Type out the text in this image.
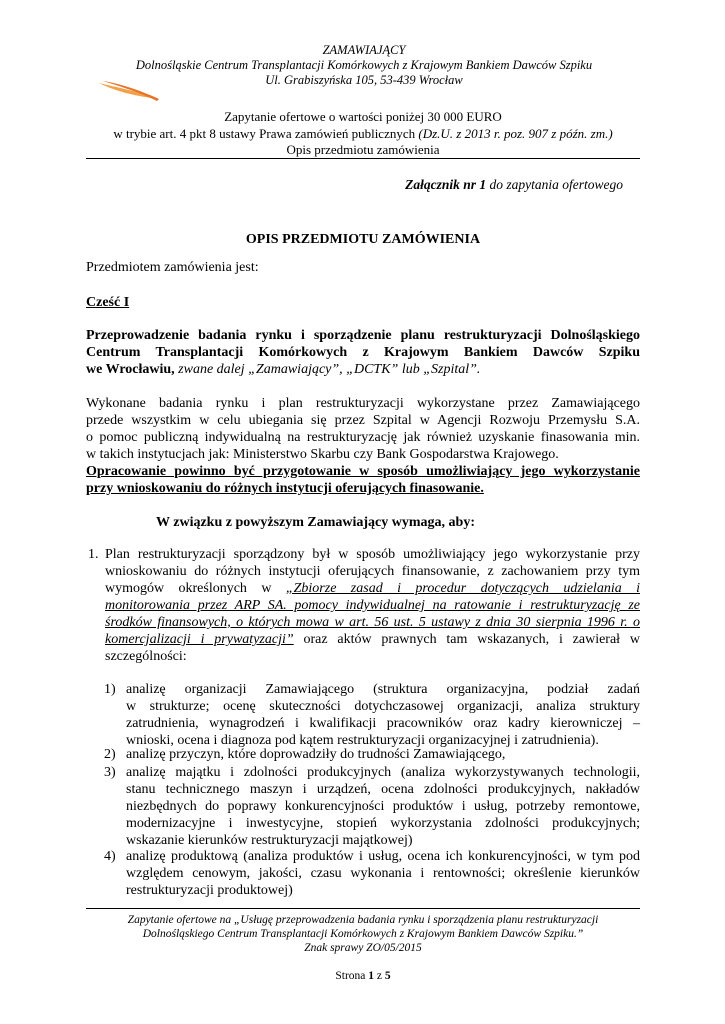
ZAMAWIAJĄCY
Dolnośląskie Centrum Transplantacji Komórkowych z Krajowym Bankiem Dawców Szpiku
Ul. Grabiszyńska 105, 53-439 Wrocław
Zapytanie ofertowe o wartości poniżej 30 000 EURO
w trybie art. 4 pkt 8 ustawy Prawa zamówień publicznych (Dz.U. z 2013 r. poz. 907 z późn. zm.)
Opis przedmiotu zamówienia
Załącznik nr 1 do zapytania ofertowego
OPIS PRZEDMIOTU ZAMÓWIENIA
Przedmiotem zamówienia jest:
Cześć I
Przeprowadzenie badania rynku i sporządzenie planu restrukturyzacji Dolnośląskiego
Centrum Transplantacji Komórkowych z Krajowym Bankiem Dawców Szpiku
we Wrocławiu, zwane dalej „Zamawiający”, „DCTK” lub „Szpital”.
Wykonane badania rynku i plan restrukturyzacji wykorzystane przez Zamawiającego
przede wszystkim w celu ubiegania się przez Szpital w Agencji Rozwoju Przemysłu S.A.
o pomoc publiczną indywidualną na restrukturyzację jak również uzyskanie finasowania min.
w takich instytucjach jak: Ministerstwo Skarbu czy Bank Gospodarstwa Krajowego.
Opracowanie powinno być przygotowanie w sposób umożliwiający jego wykorzystanie
przy wnioskowaniu do różnych instytucji oferujących finasowanie.
W związku z powyższym Zamawiający wymaga, aby:
1. Plan restrukturyzacji sporządzony był w sposób umożliwiający jego wykorzystanie przy
wnioskowaniu do różnych instytucji oferujących finansowanie, z zachowaniem przy tym
wymogów określonych w „Zbiorze zasad i procedur dotyczących udzielania i
monitorowania przez ARP SA. pomocy indywidualnej na ratowanie i restrukturyzację ze
środków finansowych, o których mowa w art. 56 ust. 5 ustawy z dnia 30 sierpnia 1996 r. o
komercjalizacji i prywatyzacji” oraz aktów prawnych tam wskazanych, i zawierał w
szczególności:
1) analizę organizacji Zamawiającego (struktura organizacyjna, podział zadań
w strukturze; ocenę skuteczności dotychczasowej organizacji, analiza struktury
zatrudnienia, wynagrodzeń i kwalifikacji pracowników oraz kadry kierowniczej –
wnioski, ocena i diagnoza pod kątem restrukturyzacji organizacyjnej i zatrudnienia).
2) analizę przyczyn, które doprowadziły do trudności Zamawiającego,
3) analizę majątku i zdolności produkcyjnych (analiza wykorzystywanych technologii,
stanu technicznego maszyn i urządzeń, ocena zdolności produkcyjnych, nakładów
niezbędnych do poprawy konkurencyjności produktów i usług, potrzeby remontowe,
modernizacyjne i inwestycyjne, stopień wykorzystania zdolności produkcyjnych;
wskazanie kierunków restrukturyzacji majątkowej)
4) analizę produktową (analiza produktów i usług, ocena ich konkurencyjności, w tym pod
względem cenowym, jakości, czasu wykonania i rentowności; określenie kierunków
restrukturyzacji produktowej)
Zapytanie ofertowe na „Usługę przeprowadzenia badania rynku i sporządzenia planu restrukturyzacji
Dolnośląskiego Centrum Transplantacji Komórkowych z Krajowym Bankiem Dawców Szpiku.”
Znak sprawy ZO/05/2015
Strona 1 z 5
